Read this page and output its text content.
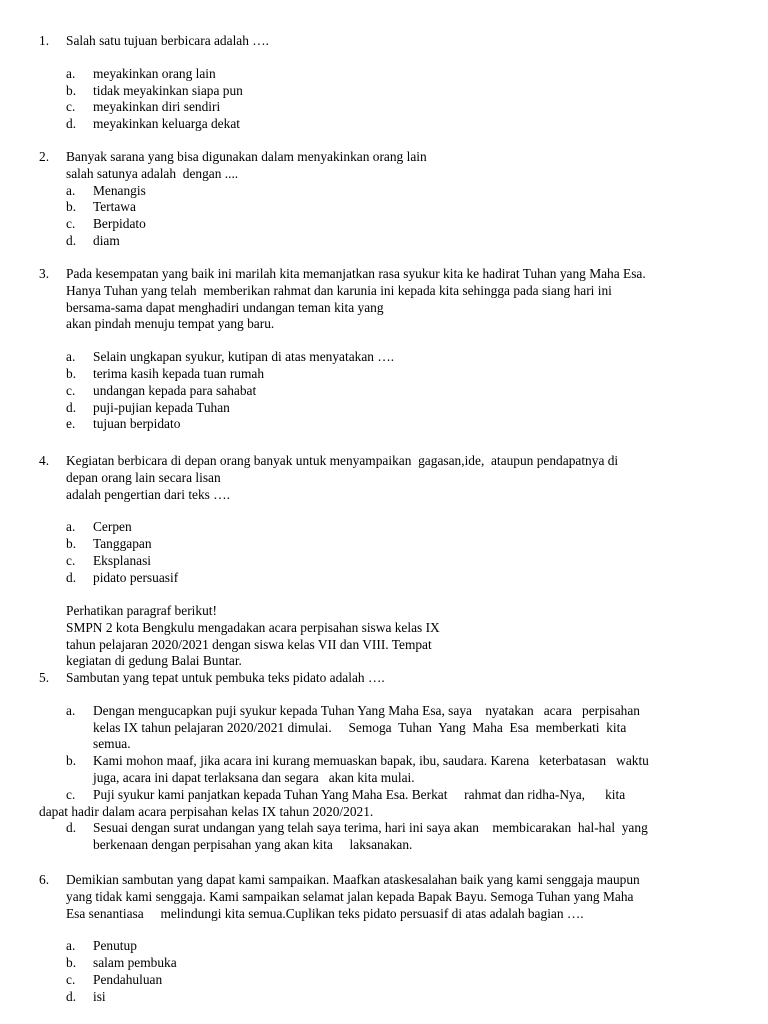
1. Salah satu tujuan berbicara adalah ….
a. meyakinkan orang lain
b. tidak meyakinkan siapa pun
c. meyakinkan diri sendiri
d. meyakinkan keluarga dekat
2. Banyak sarana yang bisa digunakan dalam menyakinkan orang lain
salah satunya adalah  dengan ....
a. Menangis
b. Tertawa
c. Berpidato
d. diam
3. Pada kesempatan yang baik ini marilah kita memanjatkan rasa syukur kita ke hadirat Tuhan yang Maha Esa.
Hanya Tuhan yang telah  memberikan rahmat dan karunia ini kepada kita sehingga pada siang hari ini
bersama-sama dapat menghadiri undangan teman kita yang
akan pindah menuju tempat yang baru.
a. Selain ungkapan syukur, kutipan di atas menyatakan ….
b. terima kasih kepada tuan rumah
c. undangan kepada para sahabat
d. puji-pujian kepada Tuhan
e. tujuan berpidato
4. Kegiatan berbicara di depan orang banyak untuk menyampaikan  gagasan,ide,  ataupun pendapatnya di
depan orang lain secara lisan
adalah pengertian dari teks ….
a. Cerpen
b. Tanggapan
c. Eksplanasi
d. pidato persuasif
Perhatikan paragraf berikut!
SMPN 2 kota Bengkulu mengadakan acara perpisahan siswa kelas IX
tahun pelajaran 2020/2021 dengan siswa kelas VII dan VIII. Tempat
kegiatan di gedung Balai Buntar.
5. Sambutan yang tepat untuk pembuka teks pidato adalah ….
a. Dengan mengucapkan puji syukur kepada Tuhan Yang Maha Esa, saya    nyatakan   acara   perpisahan
kelas IX tahun pelajaran 2020/2021 dimulai.     Semoga  Tuhan  Yang  Maha  Esa  memberkati  kita
semua.
b. Kami mohon maaf, jika acara ini kurang memuaskan bapak, ibu, saudara. Karena   keterbatasan   waktu
juga, acara ini dapat terlaksana dan segara   akan kita mulai.
c. Puji syukur kami panjatkan kepada Tuhan Yang Maha Esa. Berkat     rahmat dan ridha-Nya,      kita
dapat hadir dalam acara perpisahan kelas IX tahun 2020/2021.
d. Sesuai dengan surat undangan yang telah saya terima, hari ini saya akan    membicarakan  hal-hal  yang
berkenaan dengan perpisahan yang akan kita     laksanakan.
6. Demikian sambutan yang dapat kami sampaikan. Maafkan ataskesalahan baik yang kami senggaja maupun
yang tidak kami senggaja. Kami sampaikan selamat jalan kepada Bapak Bayu. Semoga Tuhan yang Maha
Esa senantiasa     melindungi kita semua.Cuplikan teks pidato persuasif di atas adalah bagian ….
a. Penutup
b. salam pembuka
c. Pendahuluan
d. isi
